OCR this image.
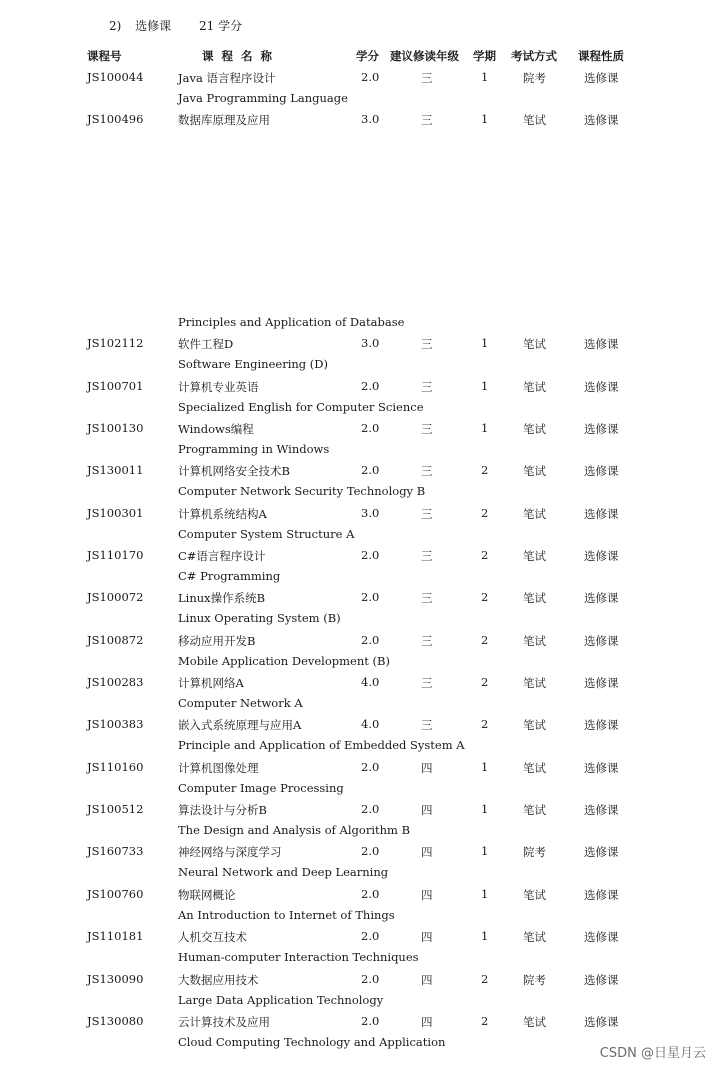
2) 选修课 21 学分
课程号	课 程 名 称	学分 建议修读年级 学期 考试方式 课程性质
JS100044	Java 语言程序设计	2.0	三	1	院考	选修课
Java Programming Language
JS100496	数据库原理及应用	3.0	三	1	笔试	选修课
Principles and Application of Database
JS102112	软件工程D	3.0	三	1	笔试	选修课
Software Engineering (D)
JS100701	计算机专业英语	2.0	三	1	笔试	选修课
Specialized English for Computer Science
JS100130	Windows编程	2.0	三	1	笔试	选修课
Programming in Windows
JS130011	计算机网络安全技术B	2.0	三	2	笔试	选修课
Computer Network Security Technology B
JS100301	计算机系统结构A	3.0	三	2	笔试	选修课
Computer System Structure A
JS110170	C#语言程序设计	2.0	三	2	笔试	选修课
C# Programming
JS100072	Linux操作系统B	2.0	三	2	笔试	选修课
Linux Operating System (B)
JS100872	移动应用开发B	2.0	三	2	笔试	选修课
Mobile Application Development (B)
JS100283	计算机网络A	4.0	三	2	笔试	选修课
Computer Network A
JS100383	嵌入式系统原理与应用A	4.0	三	2	笔试	选修课
Principle and Application of Embedded System A
JS110160	计算机图像处理	2.0	四	1	笔试	选修课
Computer Image Processing
JS100512	算法设计与分析B	2.0	四	1	笔试	选修课
The Design and Analysis of Algorithm B
JS160733	神经网络与深度学习	2.0	四	1	院考	选修课
Neural Network and Deep Learning
JS100760	物联网概论	2.0	四	1	笔试	选修课
An Introduction to Internet of Things
JS110181	人机交互技术	2.0	四	1	笔试	选修课
Human-computer Interaction Techniques
JS130090	大数据应用技术	2.0	四	2	院考	选修课
Large Data Application Technology
JS130080	云计算技术及应用	2.0	四	2	笔试	选修课
Cloud Computing Technology and Application
CSDN @日星月云
